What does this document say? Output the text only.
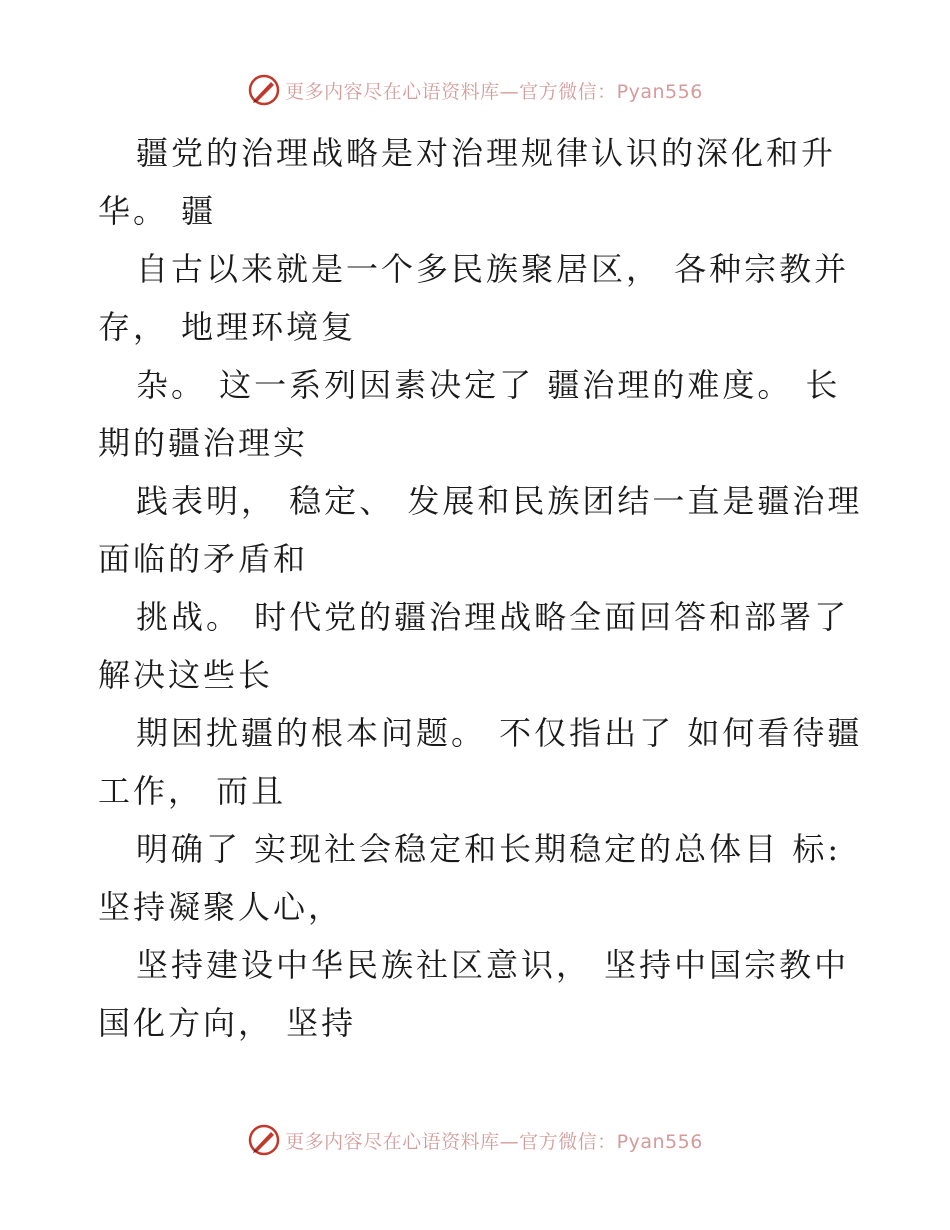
更多内容尽在心语资料库—官方微信：Pyan556

疆党的治理战略是对治理规律认识的深化和升
华。 疆

自古以来就是一个多民族聚居区， 各种宗教并
存， 地理环境复

杂。 这一系列因素决定了 疆治理的难度。 长
期的疆治理实

践表明， 稳定、 发展和民族团结一直是疆治理
面临的矛盾和

挑战。 时代党的疆治理战略全面回答和部署了
解决这些长

期困扰疆的根本问题。 不仅指出了 如何看待疆
工作， 而且

明确了 实现社会稳定和长期稳定的总体目 标:
坚持凝聚人心，

坚持建设中华民族社区意识， 坚持中国宗教中
国化方向， 坚持

更多内容尽在心语资料库—官方微信：Pyan556
